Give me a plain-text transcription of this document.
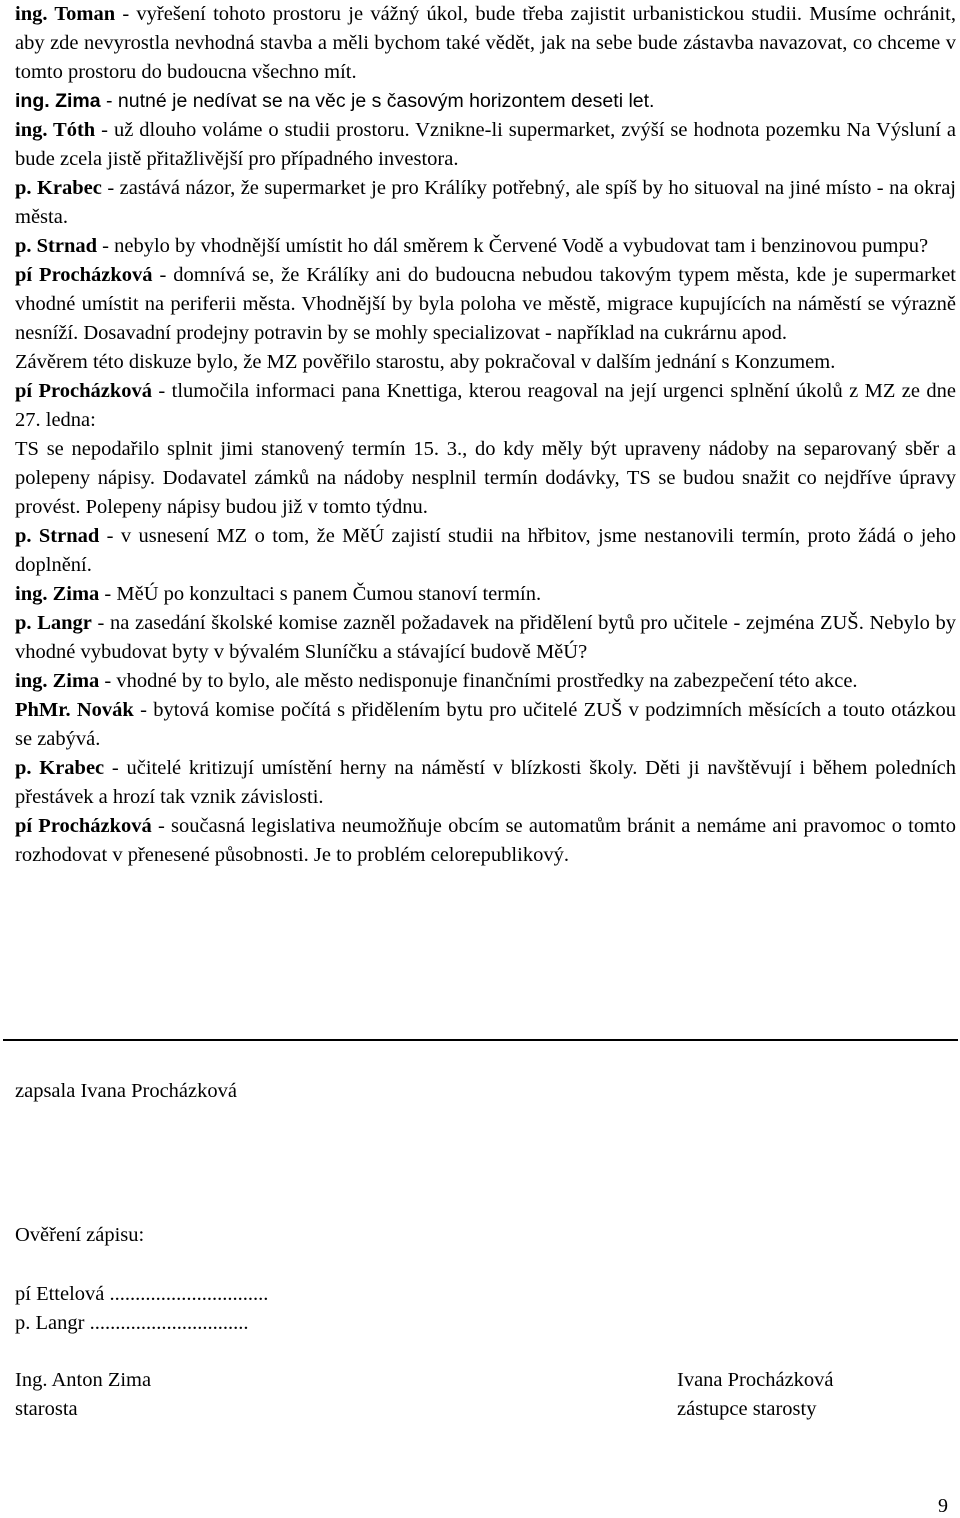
ing. Toman - vyřešení tohoto prostoru je vážný úkol, bude třeba zajistit urbanistickou studii. Musíme ochránit, aby zde nevyrostla nevhodná stavba a měli bychom také vědět, jak na sebe bude zástavba navazovat, co chceme v tomto prostoru do budoucna všechno mít.

ing. Zima - nutné je nedívat se na věc je s časovým horizontem deseti let.

ing. Tóth - už dlouho voláme o studii prostoru. Vznikne-li supermarket, zvýší se hodnota pozemku Na Výsluní a bude zcela jistě přitažlivější pro případného investora.

p. Krabec - zastává názor, že supermarket je pro Králíky potřebný, ale spíš by ho situoval na jiné místo - na okraj města.

p. Strnad - nebylo by vhodnější umístit ho dál směrem k Červené Vodě a vybudovat tam i benzinovou pumpu?

pí Procházková - domnívá se, že Králíky ani do budoucna nebudou takovým typem města, kde je supermarket vhodné umístit na periferii města. Vhodnější by byla poloha ve městě, migrace kupujících na náměstí se výrazně nesníží. Dosavadní prodejny potravin by se mohly specializovat - například na cukrárnu apod.

Závěrem této diskuze bylo, že MZ pověřilo starostu, aby pokračoval v dalším jednání s Konzumem.

pí Procházková - tlumočila informaci pana Knettiga, kterou reagoval na její urgenci splnění úkolů z MZ ze dne 27. ledna:

TS se nepodařilo splnit jimi stanovený termín 15. 3., do kdy měly být upraveny nádoby na separovaný sběr a polepeny nápisy. Dodavatel zámků na nádoby nesplnil termín dodávky, TS se budou snažit co nejdříve úpravy provést. Polepeny nápisy budou již v tomto týdnu.

p. Strnad - v usnesení MZ o tom, že MěÚ zajistí studii na hřbitov, jsme nestanovili termín, proto žádá o jeho doplnění.

ing. Zima - MěÚ po konzultaci s panem Čumou stanoví termín.

p. Langr - na zasedání školské komise zazněl požadavek na přidělení bytů pro učitele - zejména ZUŠ. Nebylo by vhodné vybudovat byty v bývalém Sluníčku a stávající budově MěÚ?

ing. Zima - vhodné by to bylo, ale město nedisponuje finančními prostředky na zabezpečení této akce.

PhMr. Novák - bytová komise počítá s přidělením bytu pro učitelé ZUŠ v podzimních měsících a touto otázkou se zabývá.

p. Krabec - učitelé kritizují umístění herny na náměstí v blízkosti školy. Děti ji navštěvují i během poledních přestávek a hrozí tak vznik závislosti.

pí Procházková - současná legislativa neumožňuje obcím se automatům bránit a nemáme ani pravomoc o tomto rozhodovat v přenesené působnosti. Je to problém celorepublikový.

zapsala Ivana Procházková
Ověření zápisu:
pí Ettelová ...............................
p. Langr ...............................
Ing. Anton Zima
starosta
Ivana Procházková
zástupce starosty
9
